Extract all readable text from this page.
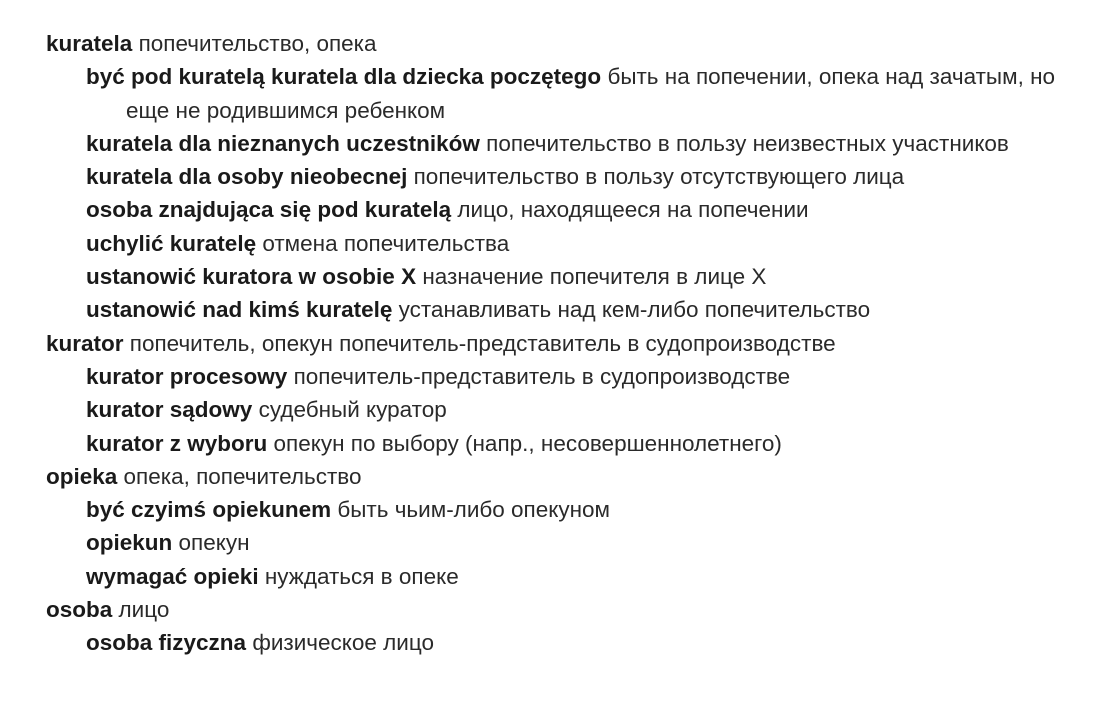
kuratela попечительство, опека

być pod kuratelą kuratela dla dziecka poczętego быть на попечении, опека над зачатым, но еще не родившимся ребенком

kuratela dla nieznanych uczestników попечительство в пользу неизвестных участников

kuratela dla osoby nieobecnej попечительство в пользу отсутствующего лица

osoba znajdująca się pod kuratelą лицо, находящееся на попечении

uchylić kuratelę отмена попечительства

ustanowić kuratora w osobie X назначение попечителя в лице X

ustanowić nad kimś kuratelę устанавливать над кем-либо попечительство

kurator попечитель, опекун попечитель-представитель в судопроизводстве

kurator procesowy попечитель-представитель в судопроизводстве

kurator sądowy судебный куратор

kurator z wyboru опекун по выбору (напр., несовершеннолетнего)

opieka опека, попечительство

być czyimś opiekunem быть чьим-либо опекуном

opiekun опекун

wymagać opieki нуждаться в опеке

osoba лицо

osoba fizyczna физическое лицо
